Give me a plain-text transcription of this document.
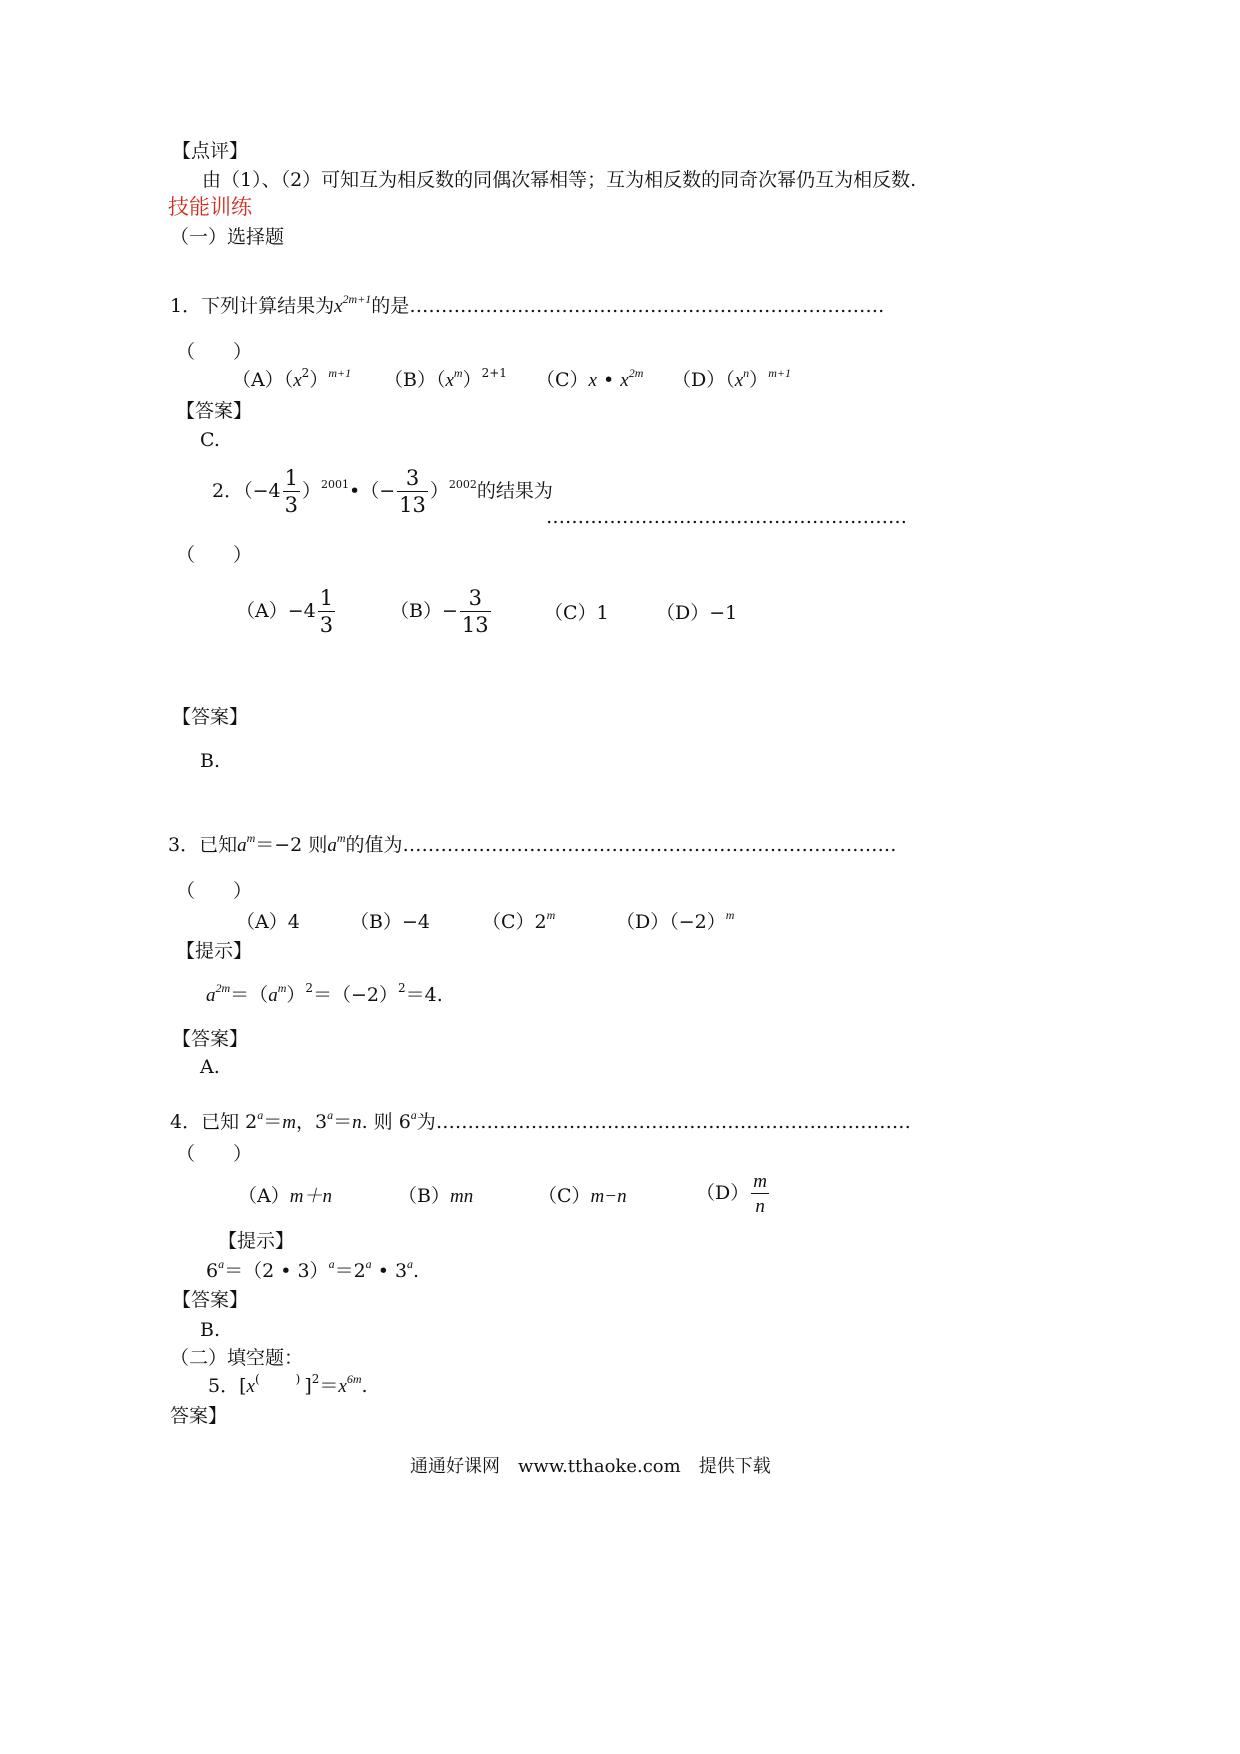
【点评】
由（1）、（2）可知互为相反数的同偶次幂相等；互为相反数的同奇次幂仍互为相反数.
技能训练
（一）选择题
1．下列计算结果为$x^{2m+1}$的是…………………………………………………………………
（　　）
$(A)(x^2)^{m+1}$ $(B)(x^m)^{2+1}$ （C）x • $x^{2m}$ $(D)(x^n)^{m+1}$
【答案】
C.
2．（$-4 \frac{1}{3}$ ）$^{2001}•(- \frac{3}{13} )^{2002}$的结果为
…………………………………………………
（　　）
$(A)-4 \frac{1}{3}$	$(B)- \frac{3}{13}$	（C）1 （D）−1
【答案】
B.
3．已知$a^m=-2$ 则$a^m$的值为……………………………………………………………………
（　　）
（A）4	（B）−4	（C）2$^m$	$(D)(-2)^m$
【提示】
$a^{2m}=(a^m)^2=(-2)^2=4$.
【答案】
A.
4．已知 $2^a=m$，$3^a=n$. 则 6$^a$为…………………………………………………………………
（　　）
（A）m＋n	（B）mn	（C）m−n	$(D) \frac{m}{n}$
【提示】
$6^a=(2$ • $3)^a=2^a$ • 3$^a$.
【答案】
B.
（二）填空题：
5．$[x^{( )}]^2=x^{6m}$.
答案】
通通好课网　www.tthaoke.com　提供下载
